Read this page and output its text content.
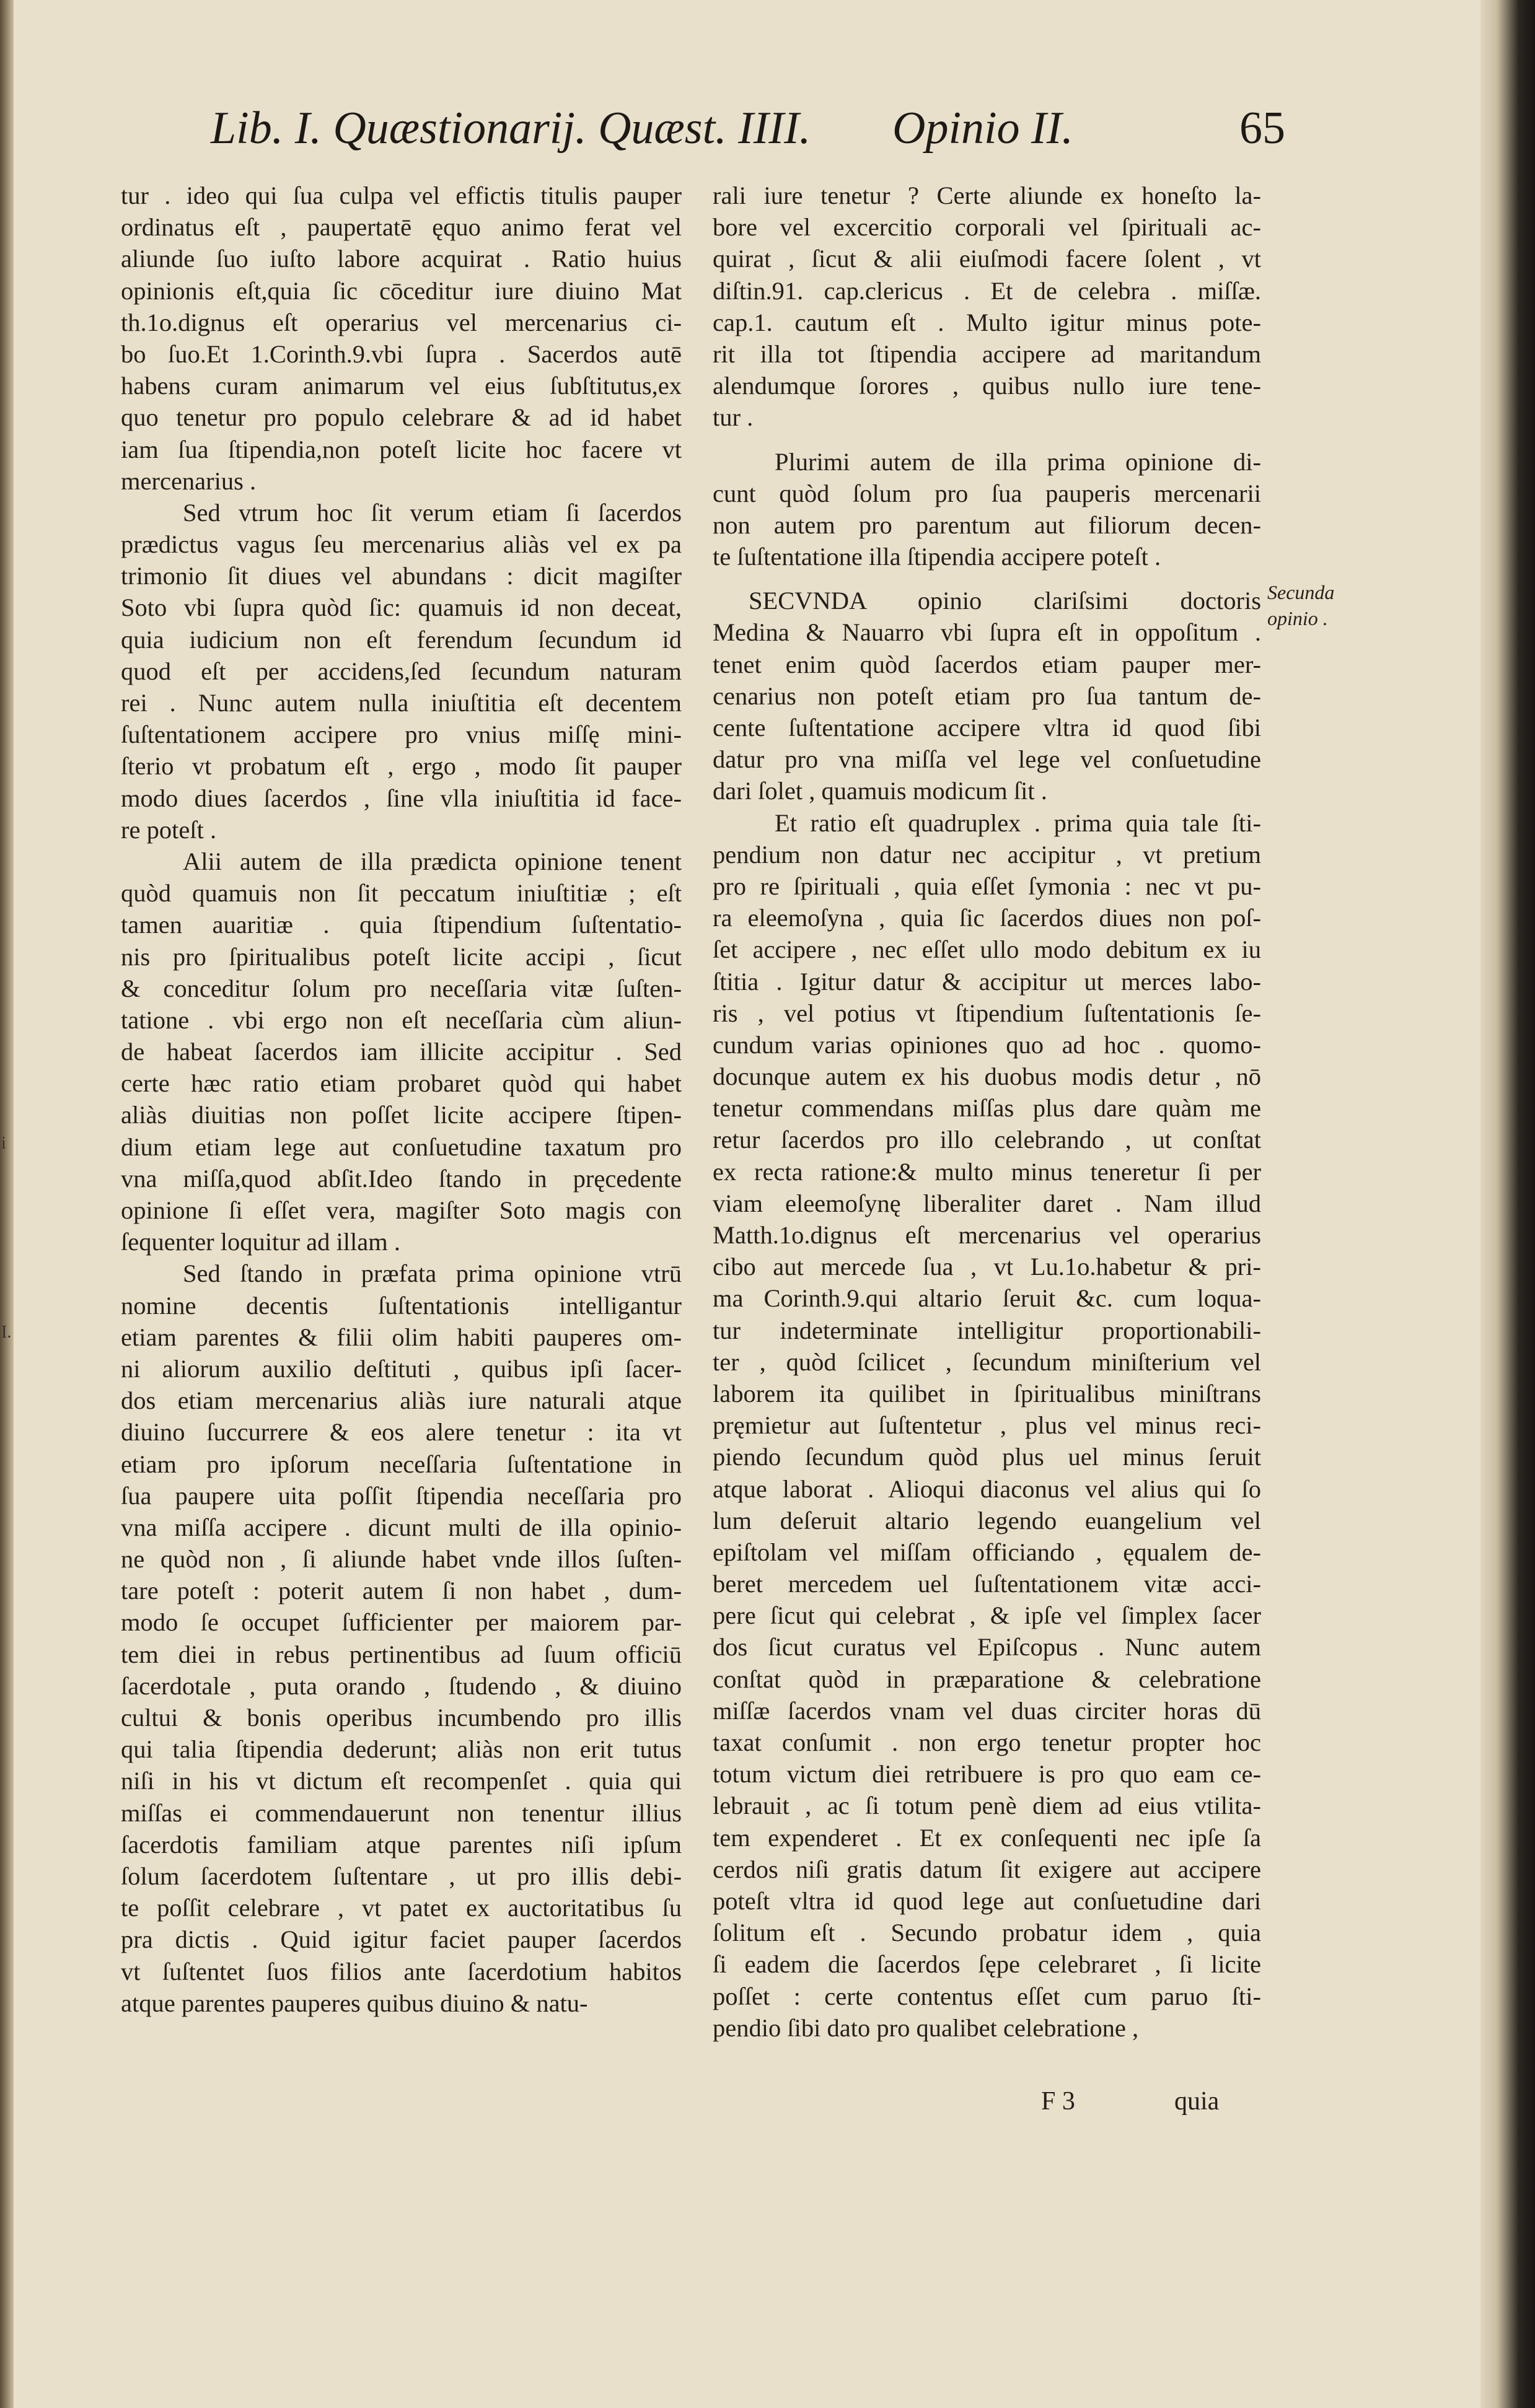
Lib. I. Quæstionarij. Quæst. IIII. Opinio II.	65
tur . ideo qui ſua culpa vel effictis titulis pauper
ordinatus eſt , paupertatē ęquo animo ferat vel
aliunde ſuo iuſto labore acquirat . Ratio huius
opinionis eſt,quia ſic cōceditur iure diuino Mat
th.1o.dignus eſt operarius vel mercenarius ci-
bo ſuo.Et 1.Corinth.9.vbi ſupra . Sacerdos autē
habens curam animarum vel eius ſubſtitutus,ex
quo tenetur pro populo celebrare & ad id habet
iam ſua ſtipendia,non poteſt licite hoc facere vt
mercenarius .
Sed vtrum hoc ſit verum etiam ſi ſacerdos
prædictus vagus ſeu mercenarius aliàs vel ex pa
trimonio ſit diues vel abundans : dicit magiſter
Soto vbi ſupra quòd ſic: quamuis id non deceat,
quia iudicium non eſt ferendum ſecundum id
quod eſt per accidens,ſed ſecundum naturam
rei . Nunc autem nulla iniuſtitia eſt decentem
ſuſtentationem accipere pro vnius miſſę mini-
ſterio vt probatum eſt , ergo , modo ſit pauper
modo diues ſacerdos , ſine vlla iniuſtitia id face-
re poteſt .
Alii autem de illa prædicta opinione tenent
quòd quamuis non ſit peccatum iniuſtitiæ ; eſt
tamen auaritiæ . quia ſtipendium ſuſtentatio-
nis pro ſpiritualibus poteſt licite accipi , ſicut
& conceditur ſolum pro neceſſaria vitæ ſuſten-
tatione . vbi ergo non eſt neceſſaria cùm aliun-
de habeat ſacerdos iam illicite accipitur . Sed
certe hæc ratio etiam probaret quòd qui habet
aliàs diuitias non poſſet licite accipere ſtipen-
dium etiam lege aut conſuetudine taxatum pro
vna miſſa,quod abſit.Ideo ſtando in pręcedente
opinione ſi eſſet vera, magiſter Soto magis con
ſequenter loquitur ad illam .
Sed ſtando in præfata prima opinione vtrū
nomine decentis ſuſtentationis intelligantur
etiam parentes & filii olim habiti pauperes om-
ni aliorum auxilio deſtituti , quibus ipſi ſacer-
dos etiam mercenarius aliàs iure naturali atque
diuino ſuccurrere & eos alere tenetur : ita vt
etiam pro ipſorum neceſſaria ſuſtentatione in
ſua paupere uita poſſit ſtipendia neceſſaria pro
vna miſſa accipere . dicunt multi de illa opinio-
ne quòd non , ſi aliunde habet vnde illos ſuſten-
tare poteſt : poterit autem ſi non habet , dum-
modo ſe occupet ſufficienter per maiorem par-
tem diei in rebus pertinentibus ad ſuum officiū
ſacerdotale , puta orando , ſtudendo , & diuino
cultui & bonis operibus incumbendo pro illis
qui talia ſtipendia dederunt; aliàs non erit tutus
niſi in his vt dictum eſt recompenſet . quia qui
miſſas ei commendauerunt non tenentur illius
ſacerdotis familiam atque parentes niſi ipſum
ſolum ſacerdotem ſuſtentare , ut pro illis debi-
te poſſit celebrare , vt patet ex auctoritatibus ſu
pra dictis . Quid igitur faciet pauper ſacerdos
vt ſuſtentet ſuos filios ante ſacerdotium habitos
atque parentes pauperes quibus diuino & natu-
rali iure tenetur ? Certe aliunde ex honeſto la-
bore vel excercitio corporali vel ſpirituali ac-
quirat , ſicut & alii eiuſmodi facere ſolent , vt
diſtin.91. cap.clericus . Et de celebra . miſſæ.
cap.1. cautum eſt . Multo igitur minus pote-
rit illa tot ſtipendia accipere ad maritandum
alendumque ſorores , quibus nullo iure tene-
tur .
Plurimi autem de illa prima opinione di-
cunt quòd ſolum pro ſua pauperis mercenarii
non autem pro parentum aut filiorum decen-
te ſuſtentatione illa ſtipendia accipere poteſt .
SECVNDA opinio clariſsimi doctoris
Medina & Nauarro vbi ſupra eſt in oppoſitum .
tenet enim quòd ſacerdos etiam pauper mer-
cenarius non poteſt etiam pro ſua tantum de-
cente ſuſtentatione accipere vltra id quod ſibi
datur pro vna miſſa vel lege vel conſuetudine
dari ſolet , quamuis modicum ſit .
Et ratio eſt quadruplex . prima quia tale ſti-
pendium non datur nec accipitur , vt pretium
pro re ſpirituali , quia eſſet ſymonia : nec vt pu-
ra eleemoſyna , quia ſic ſacerdos diues non poſ-
ſet accipere , nec eſſet ullo modo debitum ex iu
ſtitia . Igitur datur & accipitur ut merces labo-
ris , vel potius vt ſtipendium ſuſtentationis ſe-
cundum varias opiniones quo ad hoc . quomo-
docunque autem ex his duobus modis detur , nō
tenetur commendans miſſas plus dare quàm me
retur ſacerdos pro illo celebrando , ut conſtat
ex recta ratione:& multo minus teneretur ſi per
viam eleemoſynę liberaliter daret . Nam illud
Matth.1o.dignus eſt mercenarius vel operarius
cibo aut mercede ſua , vt Lu.1o.habetur & pri-
ma Corinth.9.qui altario ſeruit &c. cum loqua-
tur indeterminate intelligitur proportionabili-
ter , quòd ſcilicet , ſecundum miniſterium vel
laborem ita quilibet in ſpiritualibus miniſtrans
pręmietur aut ſuſtentetur , plus vel minus reci-
piendo ſecundum quòd plus uel minus ſeruit
atque laborat . Alioqui diaconus vel alius qui ſo
lum deſeruit altario legendo euangelium vel
epiſtolam vel miſſam officiando , ęqualem de-
beret mercedem uel ſuſtentationem vitæ acci-
pere ſicut qui celebrat , & ipſe vel ſimplex ſacer
dos ſicut curatus vel Epiſcopus . Nunc autem
conſtat quòd in præparatione & celebratione
miſſæ ſacerdos vnam vel duas circiter horas dū
taxat conſumit . non ergo tenetur propter hoc
totum victum diei retribuere is pro quo eam ce-
lebrauit , ac ſi totum penè diem ad eius vtilita-
tem expenderet . Et ex conſequenti nec ipſe ſa
cerdos niſi gratis datum ſit exigere aut accipere
poteſt vltra id quod lege aut conſuetudine dari
ſolitum eſt . Secundo probatur idem , quia
ſi eadem die ſacerdos ſępe celebraret , ſi licite
poſſet : certe contentus eſſet cum paruo ſti-
pendio ſibi dato pro qualibet celebratione ,
Secunda
opinio .
F 3	quia
i
I.
